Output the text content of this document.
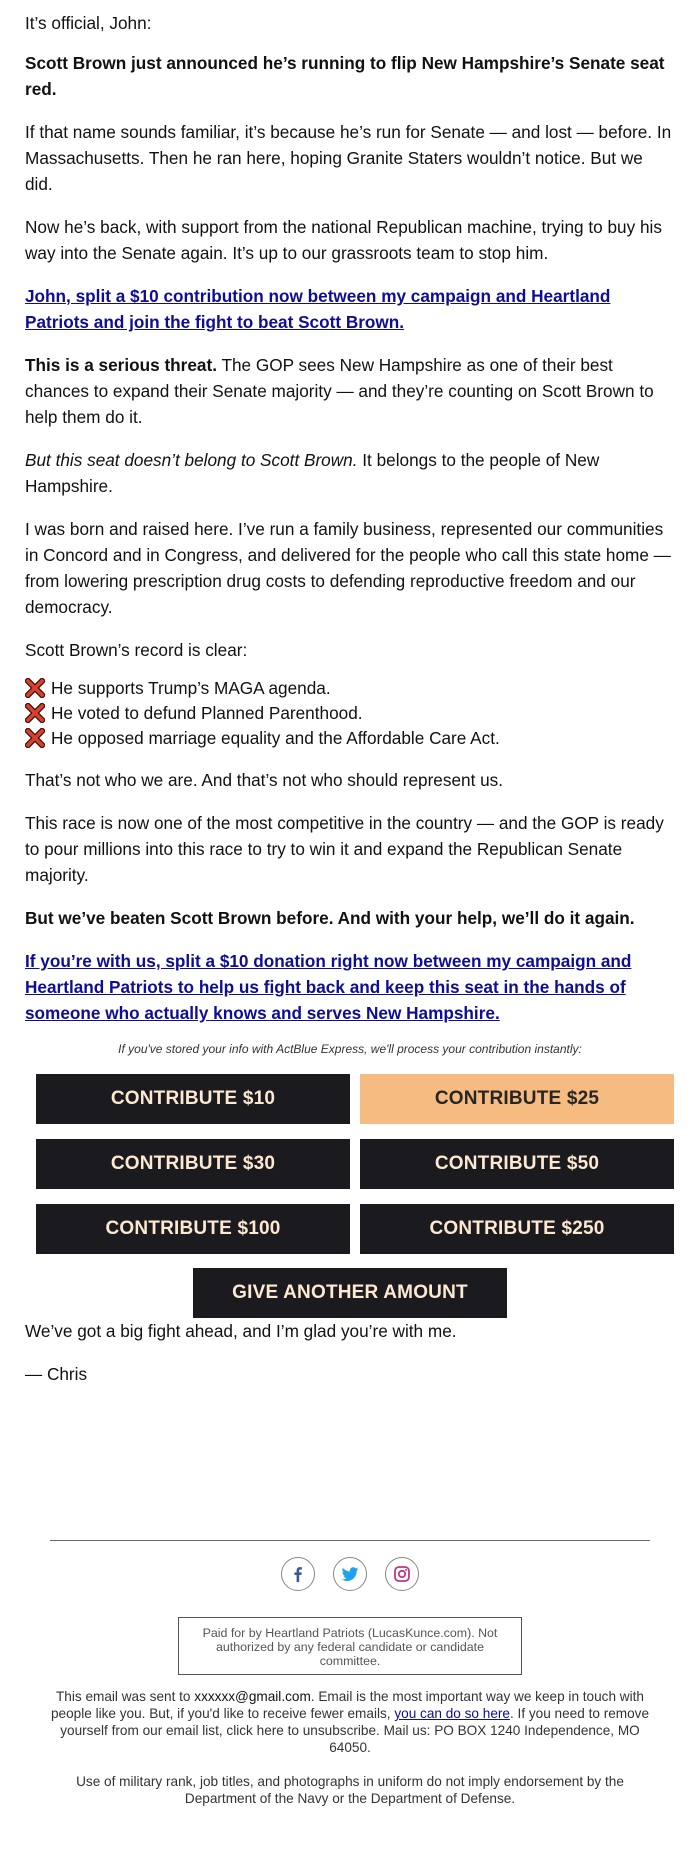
It’s official, John:

Scott Brown just announced he’s running to flip New Hampshire’s Senate seat red.

If that name sounds familiar, it’s because he’s run for Senate — and lost — before. In Massachusetts. Then he ran here, hoping Granite Staters wouldn’t notice. But we did.

Now he’s back, with support from the national Republican machine, trying to buy his way into the Senate again. It’s up to our grassroots team to stop him.

John, split a $10 contribution now between my campaign and Heartland Patriots and join the fight to beat Scott Brown.

This is a serious threat. The GOP sees New Hampshire as one of their best chances to expand their Senate majority — and they’re counting on Scott Brown to help them do it.

But this seat doesn’t belong to Scott Brown. It belongs to the people of New Hampshire.

I was born and raised here. I’ve run a family business, represented our communities in Concord and in Congress, and delivered for the people who call this state home — from lowering prescription drug costs to defending reproductive freedom and our democracy.

Scott Brown’s record is clear:

He supports Trump’s MAGA agenda.
He voted to defund Planned Parenthood.
He opposed marriage equality and the Affordable Care Act.

That’s not who we are. And that’s not who should represent us.

This race is now one of the most competitive in the country — and the GOP is ready to pour millions into this race to try to win it and expand the Republican Senate majority.

But we’ve beaten Scott Brown before. And with your help, we’ll do it again.

If you’re with us, split a $10 donation right now between my campaign and Heartland Patriots to help us fight back and keep this seat in the hands of someone who actually knows and serves New Hampshire.

If you've stored your info with ActBlue Express, we'll process your contribution instantly:
CONTRIBUTE $10	CONTRIBUTE $25
CONTRIBUTE $30	CONTRIBUTE $50
CONTRIBUTE $100	CONTRIBUTE $250
GIVE ANOTHER AMOUNT

We’ve got a big fight ahead, and I’m glad you’re with me.

— Chris

Paid for by Heartland Patriots (LucasKunce.com). Not authorized by any federal candidate or candidate committee.
This email was sent to xxxxxx@gmail.com. Email is the most important way we keep in touch with people like you. But, if you'd like to receive fewer emails, you can do so here. If you need to remove yourself from our email list, click here to unsubscribe. Mail us: PO BOX 1240 Independence, MO 64050.
Use of military rank, job titles, and photographs in uniform do not imply endorsement by the Department of the Navy or the Department of Defense.
